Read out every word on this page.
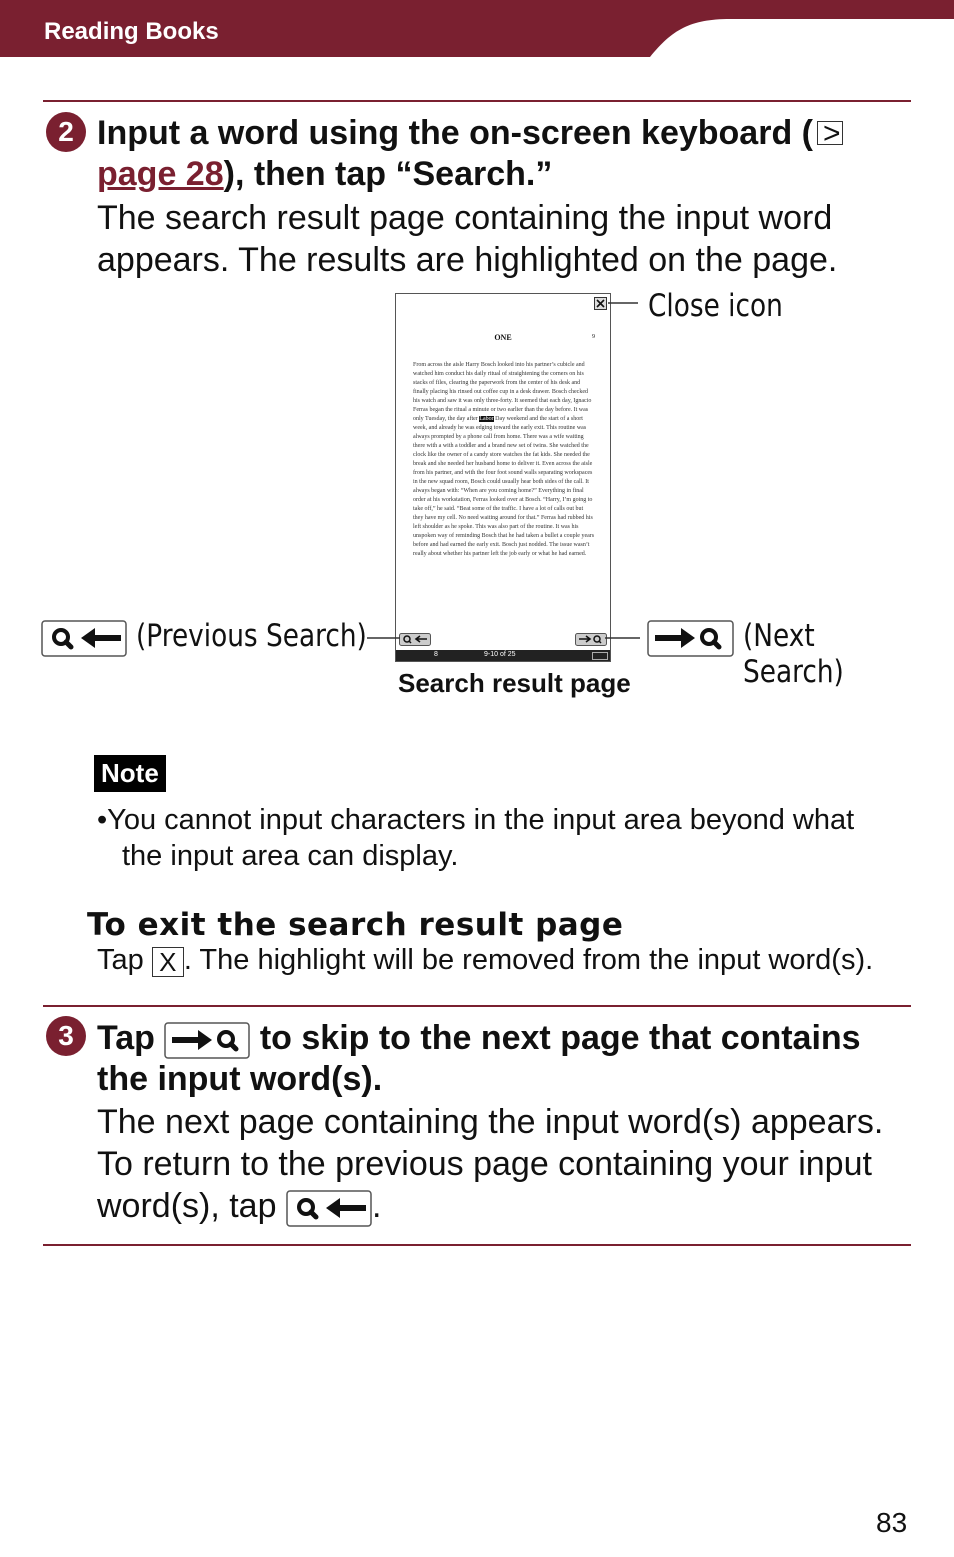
Reading Books
2 Input a word using the on-screen keyboard ( >

page 28), then tap “Search.”
The search result page containing the input word
appears. The results are highlighted on the page.
ONE	9
From across the aisle Harry Bosch looked into his partner’s cubicle and watched him conduct his daily ritual of straightening the corners on his stacks of files, clearing the paperwork from the center of his desk and finally placing his rinsed out coffee cup in a desk drawer. Bosch checked his watch and saw it was only three-forty. It seemed that each day, Ignacio Ferras began the ritual a minute or two earlier than the day before. It was only Tuesday, the day after Labor Day weekend and the start of a short week, and already he was edging toward the early exit. This routine was always prompted by a phone call from home. There was a wife waiting there with a with a toddler and a brand new set of twins. She watched the clock like the owner of a candy store watches the fat kids. She needed the break and she needed her husband home to deliver it. Even across the aisle from his partner, and with the four foot sound walls separating workspaces in the new squad room, Bosch could usually hear both sides of the call. It always began with: “When are you coming home?” Everything in final order at his workstation, Ferras looked over at Bosch. “Harry, I’m going to take off,” he said. “Beat some of the traffic. I have a lot of calls out but they have my cell. No need waiting around for that.” Ferras had rubbed his left shoulder as he spoke. This was also part of the routine. It was his unspoken way of reminding Bosch that he had taken a bullet a couple years before and had earned the early exit. Bosch just nodded. The issue wasn’t really about whether his partner left the job early or what he had earned.
8	9-10 of 25
Close icon
(Previous Search)	(Next Search)
Search result page
Note
•You cannot input characters in the input area beyond what
the input area can display.
To exit the search result page
Tap X . The highlight will be removed from the input word(s).
3 Tap	to skip to the next page that contains
the input word(s).
The next page containing the input word(s) appears.
To return to the previous page containing your input
word(s), tap	.
83
